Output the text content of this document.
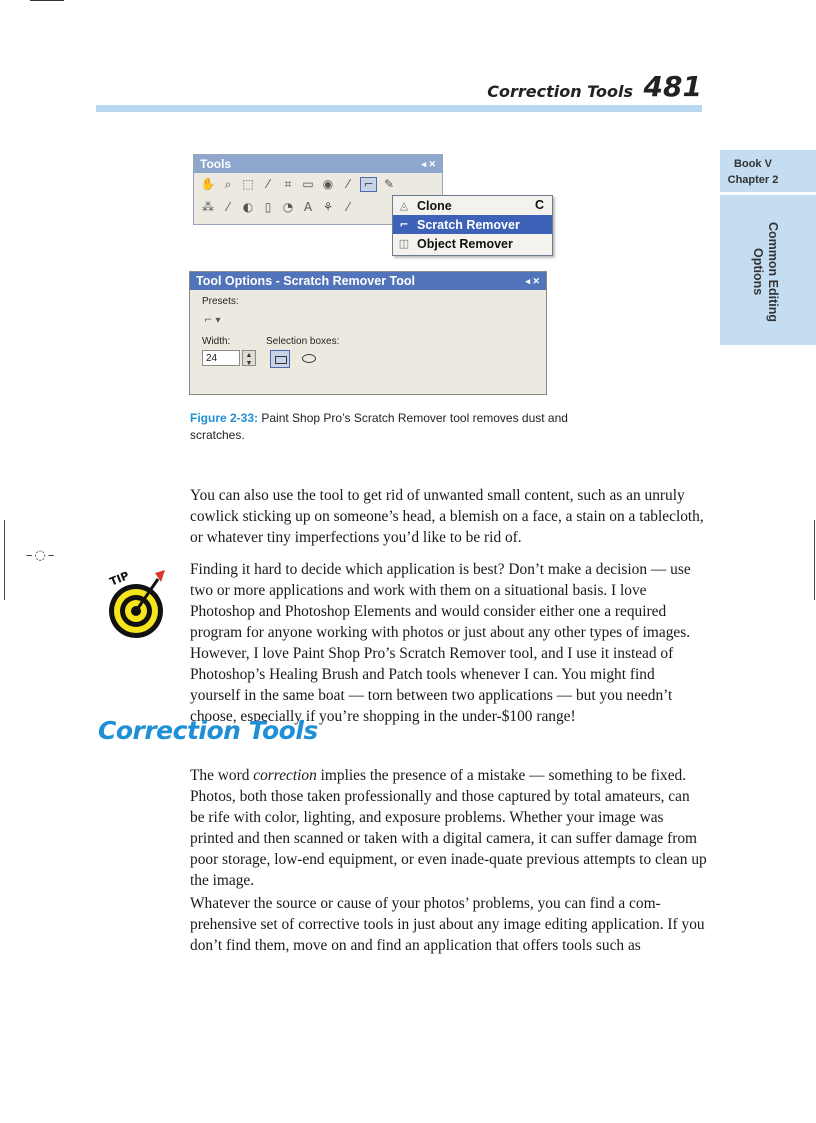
–◌–
Correction Tools 481
Book V
Chapter 2
Common Editing Options
Tools	◂ ✕
✋ ⌕ ⬚	⁄	⌗ ▭ ◉	⁄	⌐ ✎
⁂	⁄	◐ ▯ ◔ A ⚘	⁄	◬ Clone	C
⌐ Scratch Remover
◫ Object Remover
Tool Options - Scratch Remover Tool	◂ ✕
Presets:
⌐ ▾
Width:	Selection boxes:
24	▲
▼

Figure 2-33: Paint Shop Pro’s Scratch Remover tool removes dust and scratches.

You can also use the tool to get rid of unwanted small content, such as an unruly cowlick sticking up on someone’s head, a blemish on a face, a stain on a tablecloth, or whatever tiny imperfections you’d like to be rid of.

TIP	Finding it hard to decide which application is best? Don’t make a decision — use two or more applications and work with them on a situational basis. I love Photoshop and Photoshop Elements and would consider either one a required program for anyone working with photos or just about any other types of images. However, I love Paint Shop Pro’s Scratch Remover tool, and I use it instead of Photoshop’s Healing Brush and Patch tools whenever I can. You might find yourself in the same boat — torn between two applications — but you needn’t choose, especially if you’re shopping in the under-$100 range!

Correction Tools

The word correction implies the presence of a mistake — something to be fixed. Photos, both those taken professionally and those captured by total amateurs, can be rife with color, lighting, and exposure problems. Whether your image was printed and then scanned or taken with a digital camera, it can suffer damage from poor storage, low-end equipment, or even inade-quate previous attempts to clean up the image.

Whatever the source or cause of your photos’ problems, you can find a com-prehensive set of corrective tools in just about any image editing application. If you don’t find them, move on and find an application that offers tools such as
